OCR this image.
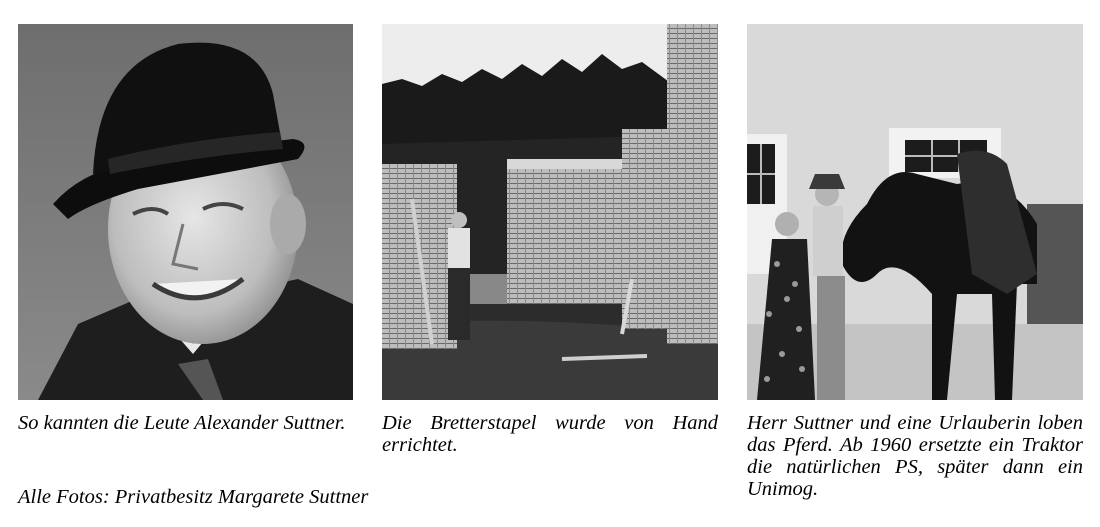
So kannten die Leute Alexander Suttner.	Die Bretterstapel wurde von Hand errichtet.

Herr Suttner und eine Urlauberin loben das Pferd. Ab 1960 ersetzte ein Traktor die natürlichen PS, später dann ein Unimog.

Alle Fotos: Privatbesitz Margarete Suttner
